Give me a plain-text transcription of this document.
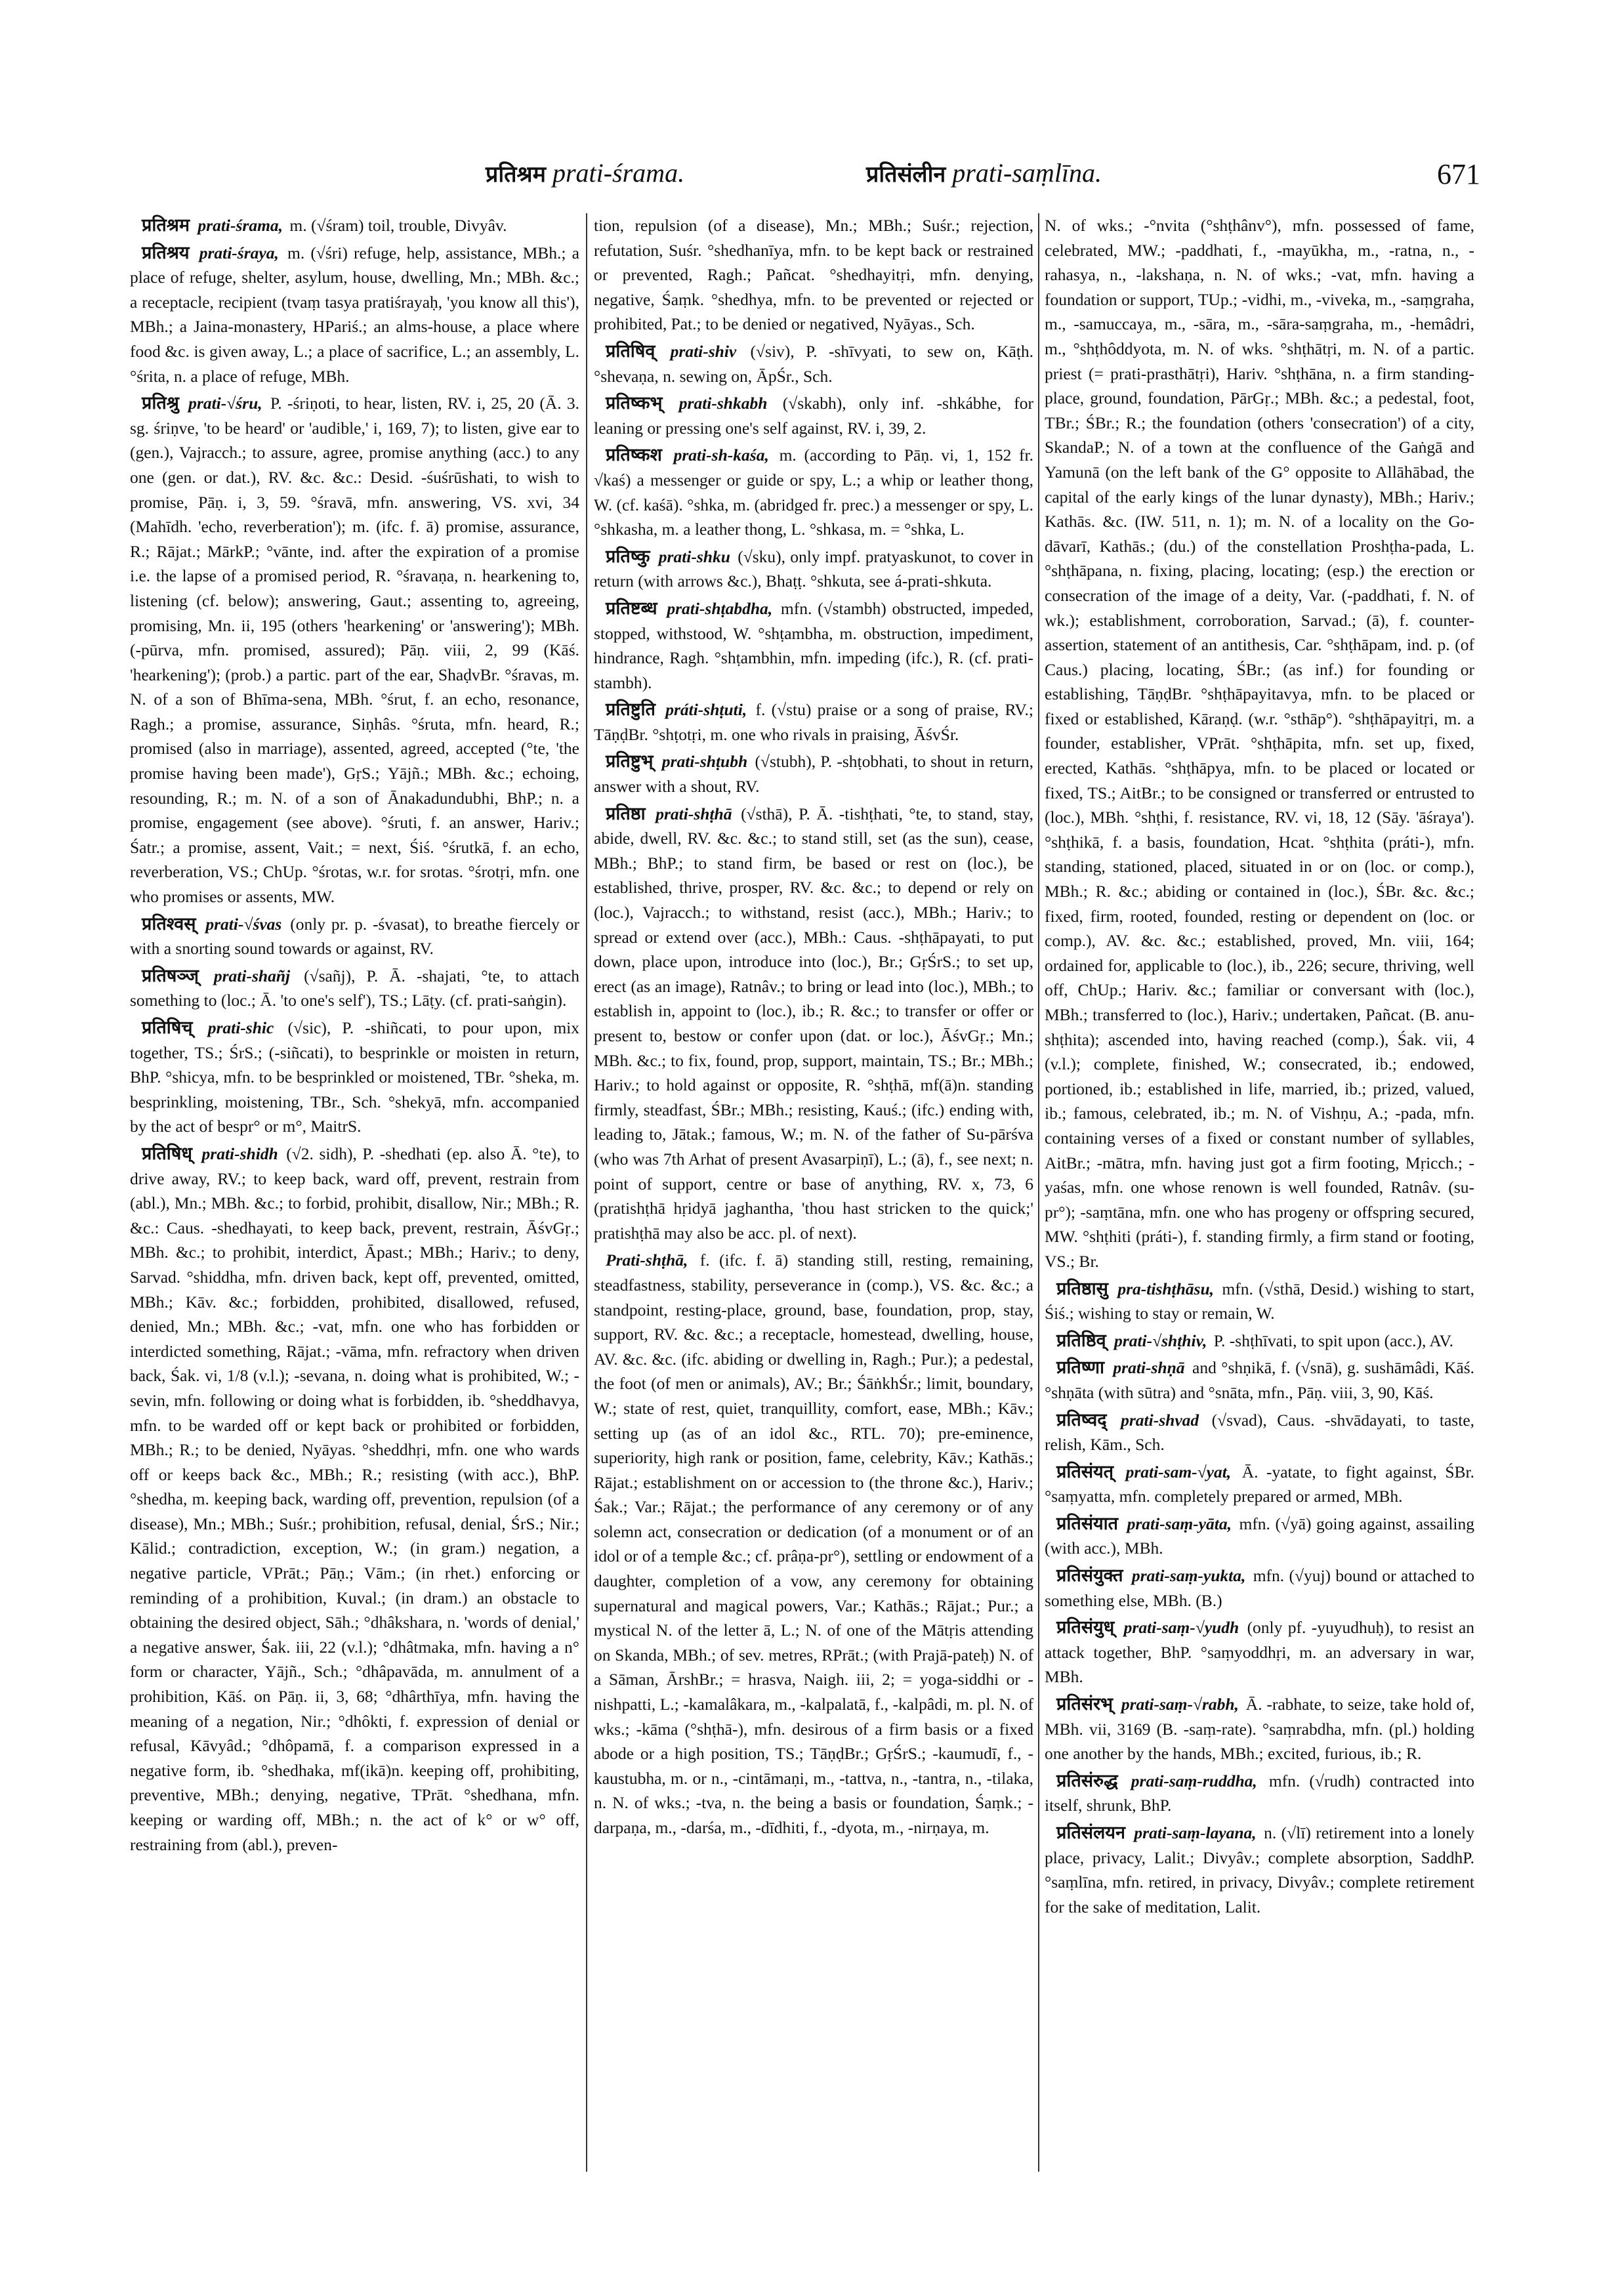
प्रतिश्रम prati-śrama.	प्रतिसंलीन prati-saṃlīna.	671

प्रतिश्रम prati-śrama, m. (√śram) toil, trouble, Divyâv.

प्रतिश्रय prati-śraya, m. (√śri) refuge, help, assistance, MBh.; a place of refuge, shelter, asylum, house, dwelling, Mn.; MBh. &c.; a receptacle, recipient (tvaṃ tasya pratiśrayaḥ, 'you know all this'), MBh.; a Jaina-monastery, HPariś.; an alms-house, a place where food &c. is given away, L.; a place of sacrifice, L.; an assembly, L. °śrita, n. a place of refuge, MBh.

प्रतिश्रु prati-√śru, P. -śriṇoti, to hear, listen, RV. i, 25, 20 (Ā. 3. sg. śriṇve, 'to be heard' or 'audible,' i, 169, 7); to listen, give ear to (gen.), Vajracch.; to assure, agree, promise anything (acc.) to any one (gen. or dat.), RV. &c. &c.: Desid. -śuśrūshati, to wish to promise, Pāṇ. i, 3, 59. °śravā, mfn. answering, VS. xvi, 34 (Mahīdh. 'echo, reverberation'); m. (ifc. f. ā) promise, assurance, R.; Rājat.; MārkP.; °vānte, ind. after the expiration of a promise i.e. the lapse of a promised period, R. °śravaṇa, n. hearkening to, listening (cf. below); answering, Gaut.; assenting to, agreeing, promising, Mn. ii, 195 (others 'hearkening' or 'answering'); MBh. (-pūrva, mfn. promised, assured); Pāṇ. viii, 2, 99 (Kāś. 'hearkening'); (prob.) a partic. part of the ear, ShaḍvBr. °śravas, m. N. of a son of Bhīma-sena, MBh. °śrut, f. an echo, resonance, Ragh.; a promise, assurance, Siṇhâs. °śruta, mfn. heard, R.; promised (also in marriage), assented, agreed, accepted (°te, 'the promise having been made'), GṛS.; Yājñ.; MBh. &c.; echoing, resounding, R.; m. N. of a son of Ānakadundubhi, BhP.; n. a promise, engagement (see above). °śruti, f. an answer, Hariv.; Śatr.; a promise, assent, Vait.; = next, Śiś. °śrutkā, f. an echo, reverberation, VS.; ChUp. °śrotas, w.r. for srotas. °śrotṛi, mfn. one who promises or assents, MW.

प्रतिश्वस् prati-√śvas (only pr. p. -śvasat), to breathe fiercely or with a snorting sound towards or against, RV.

प्रतिषञ्ज् prati-shañj (√sañj), P. Ā. -shajati, °te, to attach something to (loc.; Ā. 'to one's self'), TS.; Lāṭy. (cf. prati-saṅgin).

प्रतिषिच् prati-shic (√sic), P. -shiñcati, to pour upon, mix together, TS.; ŚrS.; (-siñcati), to besprinkle or moisten in return, BhP. °shicya, mfn. to be besprinkled or moistened, TBr. °sheka, m. besprinkling, moistening, TBr., Sch. °shekyā, mfn. accompanied by the act of bespr° or m°, MaitrS.

प्रतिषिध् prati-shidh (√2. sidh), P. -shedhati (ep. also Ā. °te), to drive away, RV.; to keep back, ward off, prevent, restrain from (abl.), Mn.; MBh. &c.; to forbid, prohibit, disallow, Nir.; MBh.; R. &c.: Caus. -shedhayati, to keep back, prevent, restrain, ĀśvGṛ.; MBh. &c.; to prohibit, interdict, Āpast.; MBh.; Hariv.; to deny, Sarvad. °shiddha, mfn. driven back, kept off, prevented, omitted, MBh.; Kāv. &c.; forbidden, prohibited, disallowed, refused, denied, Mn.; MBh. &c.; -vat, mfn. one who has forbidden or interdicted something, Rājat.; -vāma, mfn. refractory when driven back, Śak. vi, 1/8 (v.l.); -sevana, n. doing what is prohibited, W.; -sevin, mfn. following or doing what is forbidden, ib. °sheddhavya, mfn. to be warded off or kept back or prohibited or forbidden, MBh.; R.; to be denied, Nyāyas. °sheddhṛi, mfn. one who wards off or keeps back &c., MBh.; R.; resisting (with acc.), BhP. °shedha, m. keeping back, warding off, prevention, repulsion (of a disease), Mn.; MBh.; Suśr.; prohibition, refusal, denial, ŚrS.; Nir.; Kālid.; contradiction, exception, W.; (in gram.) negation, a negative particle, VPrāt.; Pāṇ.; Vām.; (in rhet.) enforcing or reminding of a prohibition, Kuval.; (in dram.) an obstacle to obtaining the desired object, Sāh.; °dhâkshara, n. 'words of denial,' a negative answer, Śak. iii, 22 (v.l.); °dhâtmaka, mfn. having a n° form or character, Yājñ., Sch.; °dhâpavāda, m. annulment of a prohibition, Kāś. on Pāṇ. ii, 3, 68; °dhârthīya, mfn. having the meaning of a negation, Nir.; °dhôkti, f. expression of denial or refusal, Kāvyâd.; °dhôpamā, f. a comparison expressed in a negative form, ib. °shedhaka, mf(ikā)n. keeping off, prohibiting, preventive, MBh.; denying, negative, TPrāt. °shedhana, mfn. keeping or warding off, MBh.; n. the act of k° or w° off, restraining from (abl.), preven-

tion, repulsion (of a disease), Mn.; MBh.; Suśr.; rejection, refutation, Suśr. °shedhanīya, mfn. to be kept back or restrained or prevented, Ragh.; Pañcat. °shedhayitṛi, mfn. denying, negative, Śaṃk. °shedhya, mfn. to be prevented or rejected or prohibited, Pat.; to be denied or negatived, Nyāyas., Sch.

प्रतिषिव् prati-shiv (√siv), P. -shīvyati, to sew on, Kāṭh. °shevaṇa, n. sewing on, ĀpŚr., Sch.

प्रतिष्कभ् prati-shkabh (√skabh), only inf. -shkábhe, for leaning or pressing one's self against, RV. i, 39, 2.

प्रतिष्कश prati-sh-kaśa, m. (according to Pāṇ. vi, 1, 152 fr. √kaś) a messenger or guide or spy, L.; a whip or leather thong, W. (cf. kaśā). °shka, m. (abridged fr. prec.) a messenger or spy, L. °shkasha, m. a leather thong, L. °shkasa, m. = °shka, L.

प्रतिष्कु prati-shku (√sku), only impf. pratyaskunot, to cover in return (with arrows &c.), Bhaṭṭ. °shkuta, see á-prati-shkuta.

प्रतिष्टब्ध prati-shṭabdha, mfn. (√stambh) obstructed, impeded, stopped, withstood, W. °shṭambha, m. obstruction, impediment, hindrance, Ragh. °shṭambhin, mfn. impeding (ifc.), R. (cf. prati-stambh).

प्रतिष्टुति práti-shṭuti, f. (√stu) praise or a song of praise, RV.; TāṇḍBr. °shṭotṛi, m. one who rivals in praising, ĀśvŚr.

प्रतिष्टुभ् prati-shṭubh (√stubh), P. -shṭobhati, to shout in return, answer with a shout, RV.

प्रतिष्ठा prati-shṭhā (√sthā), P. Ā. -tishṭhati, °te, to stand, stay, abide, dwell, RV. &c. &c.; to stand still, set (as the sun), cease, MBh.; BhP.; to stand firm, be based or rest on (loc.), be established, thrive, prosper, RV. &c. &c.; to depend or rely on (loc.), Vajracch.; to withstand, resist (acc.), MBh.; Hariv.; to spread or extend over (acc.), MBh.: Caus. -shṭhāpayati, to put down, place upon, introduce into (loc.), Br.; GṛŚrS.; to set up, erect (as an image), Ratnâv.; to bring or lead into (loc.), MBh.; to establish in, appoint to (loc.), ib.; R. &c.; to transfer or offer or present to, bestow or confer upon (dat. or loc.), ĀśvGṛ.; Mn.; MBh. &c.; to fix, found, prop, support, maintain, TS.; Br.; MBh.; Hariv.; to hold against or opposite, R. °shṭhā, mf(ā)n. standing firmly, steadfast, ŚBr.; MBh.; resisting, Kauś.; (ifc.) ending with, leading to, Jātak.; famous, W.; m. N. of the father of Su-pārśva (who was 7th Arhat of present Avasarpiṇī), L.; (ā), f., see next; n. point of support, centre or base of anything, RV. x, 73, 6 (pratishṭhā hṛidyā jaghantha, 'thou hast stricken to the quick;' pratishṭhā may also be acc. pl. of next).

Prati-shṭhā, f. (ifc. f. ā) standing still, resting, remaining, steadfastness, stability, perseverance in (comp.), VS. &c. &c.; a standpoint, resting-place, ground, base, foundation, prop, stay, support, RV. &c. &c.; a receptacle, homestead, dwelling, house, AV. &c. &c. (ifc. abiding or dwelling in, Ragh.; Pur.); a pedestal, the foot (of men or animals), AV.; Br.; ŚāṅkhŚr.; limit, boundary, W.; state of rest, quiet, tranquillity, comfort, ease, MBh.; Kāv.; setting up (as of an idol &c., RTL. 70); pre-eminence, superiority, high rank or position, fame, celebrity, Kāv.; Kathās.; Rājat.; establishment on or accession to (the throne &c.), Hariv.; Śak.; Var.; Rājat.; the performance of any ceremony or of any solemn act, consecration or dedication (of a monument or of an idol or of a temple &c.; cf. prâṇa-pr°), settling or endowment of a daughter, completion of a vow, any ceremony for obtaining supernatural and magical powers, Var.; Kathās.; Rājat.; Pur.; a mystical N. of the letter ā, L.; N. of one of the Mātṛis attending on Skanda, MBh.; of sev. metres, RPrāt.; (with Prajā-pateḥ) N. of a Sāman, ĀrshBr.; = hrasva, Naigh. iii, 2; = yoga-siddhi or -nishpatti, L.; -kamalâkara, m., -kalpalatā, f., -kalpâdi, m. pl. N. of wks.; -kāma (°shṭhā-), mfn. desirous of a firm basis or a fixed abode or a high position, TS.; TāṇḍBr.; GṛŚrS.; -kaumudī, f., -kaustubha, m. or n., -cintāmaṇi, m., -tattva, n., -tantra, n., -tilaka, n. N. of wks.; -tva, n. the being a basis or foundation, Śaṃk.; -darpaṇa, m., -darśa, m., -dīdhiti, f., -dyota, m., -nirṇaya, m.

N. of wks.; -°nvita (°shṭhânv°), mfn. possessed of fame, celebrated, MW.; -paddhati, f., -mayūkha, m., -ratna, n., -rahasya, n., -lakshaṇa, n. N. of wks.; -vat, mfn. having a foundation or support, TUp.; -vidhi, m., -viveka, m., -saṃgraha, m., -samuccaya, m., -sāra, m., -sāra-saṃgraha, m., -hemâdri, m., °shṭhôddyota, m. N. of wks. °shṭhātṛi, m. N. of a partic. priest (= prati-prasthātṛi), Hariv. °shṭhāna, n. a firm standing-place, ground, foundation, PārGṛ.; MBh. &c.; a pedestal, foot, TBr.; ŚBr.; R.; the foundation (others 'consecration') of a city, SkandaP.; N. of a town at the confluence of the Gaṅgā and Yamunā (on the left bank of the G° opposite to Allāhābad, the capital of the early kings of the lunar dynasty), MBh.; Hariv.; Kathās. &c. (IW. 511, n. 1); m. N. of a locality on the Go-dāvarī, Kathās.; (du.) of the constellation Proshṭha-pada, L. °shṭhāpana, n. fixing, placing, locating; (esp.) the erection or consecration of the image of a deity, Var. (-paddhati, f. N. of wk.); establishment, corroboration, Sarvad.; (ā), f. counter-assertion, statement of an antithesis, Car. °shṭhāpam, ind. p. (of Caus.) placing, locating, ŚBr.; (as inf.) for founding or establishing, TāṇḍBr. °shṭhāpayitavya, mfn. to be placed or fixed or established, Kāraṇḍ. (w.r. °sthāp°). °shṭhāpayitṛi, m. a founder, establisher, VPrāt. °shṭhāpita, mfn. set up, fixed, erected, Kathās. °shṭhāpya, mfn. to be placed or located or fixed, TS.; AitBr.; to be consigned or transferred or entrusted to (loc.), MBh. °shṭhi, f. resistance, RV. vi, 18, 12 (Sāy. 'āśraya'). °shṭhikā, f. a basis, foundation, Hcat. °shṭhita (práti-), mfn. standing, stationed, placed, situated in or on (loc. or comp.), MBh.; R. &c.; abiding or contained in (loc.), ŚBr. &c. &c.; fixed, firm, rooted, founded, resting or dependent on (loc. or comp.), AV. &c. &c.; established, proved, Mn. viii, 164; ordained for, applicable to (loc.), ib., 226; secure, thriving, well off, ChUp.; Hariv. &c.; familiar or conversant with (loc.), MBh.; transferred to (loc.), Hariv.; undertaken, Pañcat. (B. anu-shṭhita); ascended into, having reached (comp.), Śak. vii, 4 (v.l.); complete, finished, W.; consecrated, ib.; endowed, portioned, ib.; established in life, married, ib.; prized, valued, ib.; famous, celebrated, ib.; m. N. of Vishṇu, A.; -pada, mfn. containing verses of a fixed or constant number of syllables, AitBr.; -mātra, mfn. having just got a firm footing, Mṛicch.; -yaśas, mfn. one whose renown is well founded, Ratnâv. (su-pr°); -saṃtāna, mfn. one who has progeny or offspring secured, MW. °shṭhiti (práti-), f. standing firmly, a firm stand or footing, VS.; Br.

प्रतिष्ठासु pra-tishṭhāsu, mfn. (√sthā, Desid.) wishing to start, Śiś.; wishing to stay or remain, W.

प्रतिष्ठिव् prati-√shṭhiv, P. -shṭhīvati, to spit upon (acc.), AV.

प्रतिष्णा prati-shṇā and °shṇikā, f. (√snā), g. sushāmâdi, Kāś. °shṇāta (with sūtra) and °snāta, mfn., Pāṇ. viii, 3, 90, Kāś.

प्रतिष्वद् prati-shvad (√svad), Caus. -shvādayati, to taste, relish, Kām., Sch.

प्रतिसंयत् prati-sam-√yat, Ā. -yatate, to fight against, ŚBr. °saṃyatta, mfn. completely prepared or armed, MBh.

प्रतिसंयात prati-saṃ-yāta, mfn. (√yā) going against, assailing (with acc.), MBh.

प्रतिसंयुक्त prati-saṃ-yukta, mfn. (√yuj) bound or attached to something else, MBh. (B.)

प्रतिसंयुध् prati-saṃ-√yudh (only pf. -yuyudhuḥ), to resist an attack together, BhP. °saṃyoddhṛi, m. an adversary in war, MBh.

प्रतिसंरभ् prati-saṃ-√rabh, Ā. -rabhate, to seize, take hold of, MBh. vii, 3169 (B. -saṃ-rate). °saṃrabdha, mfn. (pl.) holding one another by the hands, MBh.; excited, furious, ib.; R.

प्रतिसंरुद्ध prati-saṃ-ruddha, mfn. (√rudh) contracted into itself, shrunk, BhP.

प्रतिसंलयन prati-saṃ-layana, n. (√lī) retirement into a lonely place, privacy, Lalit.; Divyâv.; complete absorption, SaddhP. °saṃlīna, mfn. retired, in privacy, Divyâv.; complete retirement for the sake of meditation, Lalit.
